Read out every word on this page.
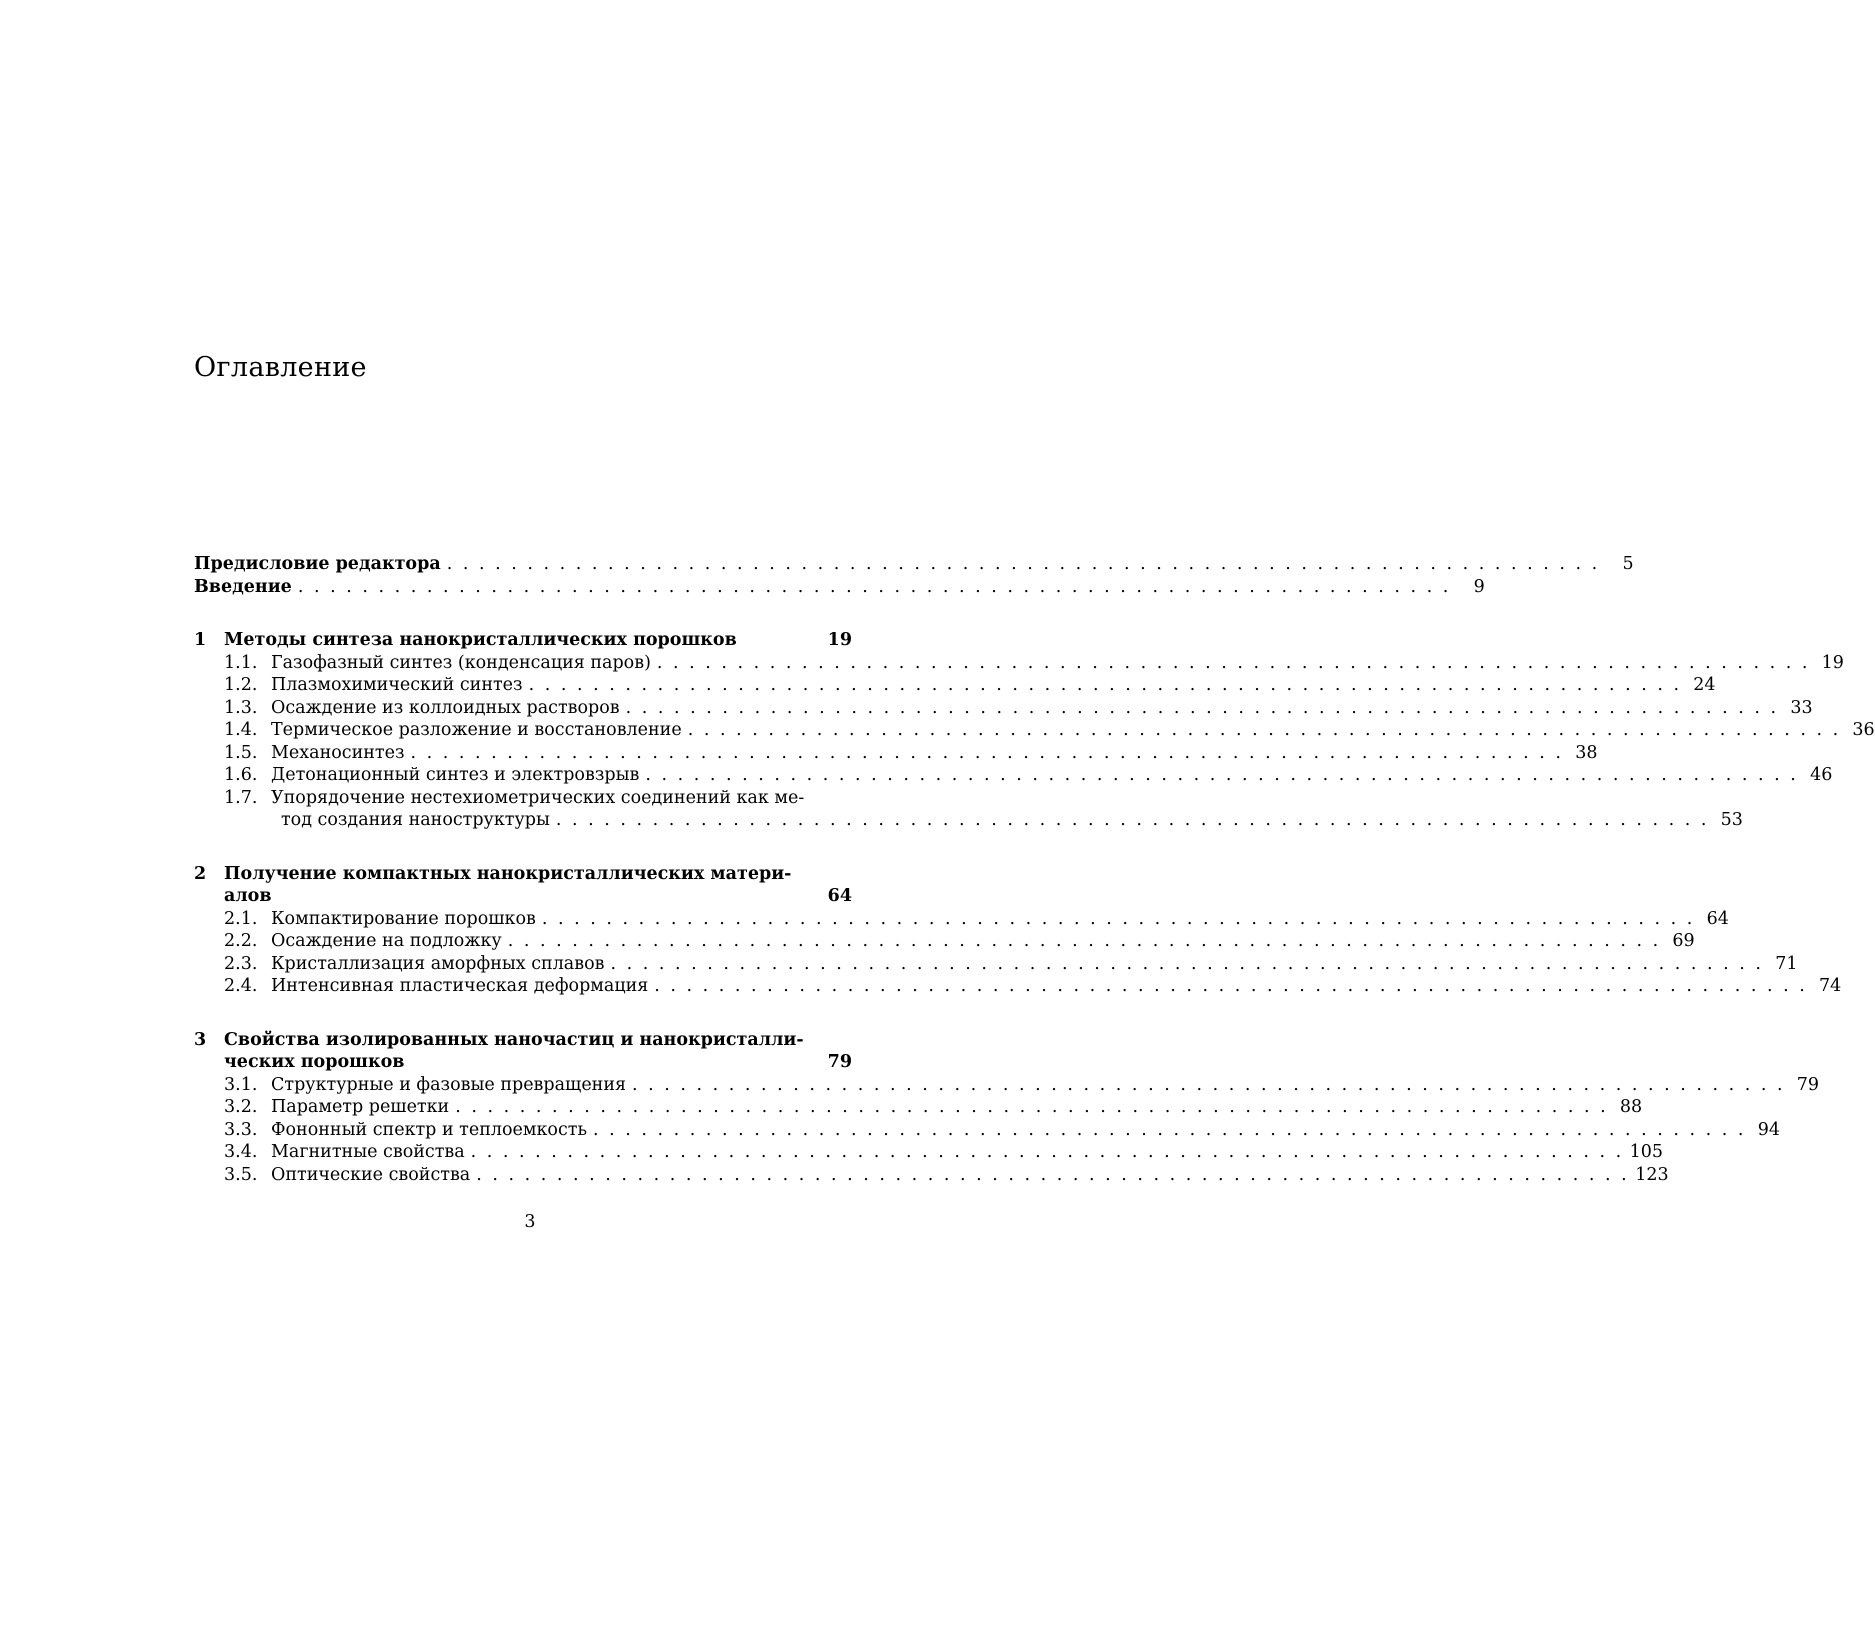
Оглавление
Предисловие редактора . . .	5
Введение . . .	9
1	Методы синтеза нанокристаллических порошков	19
1.1. Газофазный синтез (конденсация паров) . . .	19
1.2. Плазмохимический синтез . . .	24
1.3. Осаждение из коллоидных растворов . . .	33
1.4. Термическое разложение и восстановление . . .	36
1.5. Механосинтез . . .	38
1.6. Детонационный синтез и электровзрыв . . .	46
1.7. Упорядочение нестехиометрических соединений как ме-
тод создания наноструктуры . . .	53
2	Получение компактных нанокристаллических матери-
алов	64
2.1. Компактирование порошков . . .	64
2.2. Осаждение на подложку . . .	69
2.3. Кристаллизация аморфных сплавов . . .	71
2.4. Интенсивная пластическая деформация . . .	74
3	Свойства изолированных наночастиц и нанокристалли-
ческих порошков	79
3.1. Структурные и фазовые превращения . . .	79
3.2. Параметр решетки . . .	88
3.3. Фононный спектр и теплоемкость . . .	94
3.4. Магнитные свойства . . .	105
3.5. Оптические свойства . . .	123
3
